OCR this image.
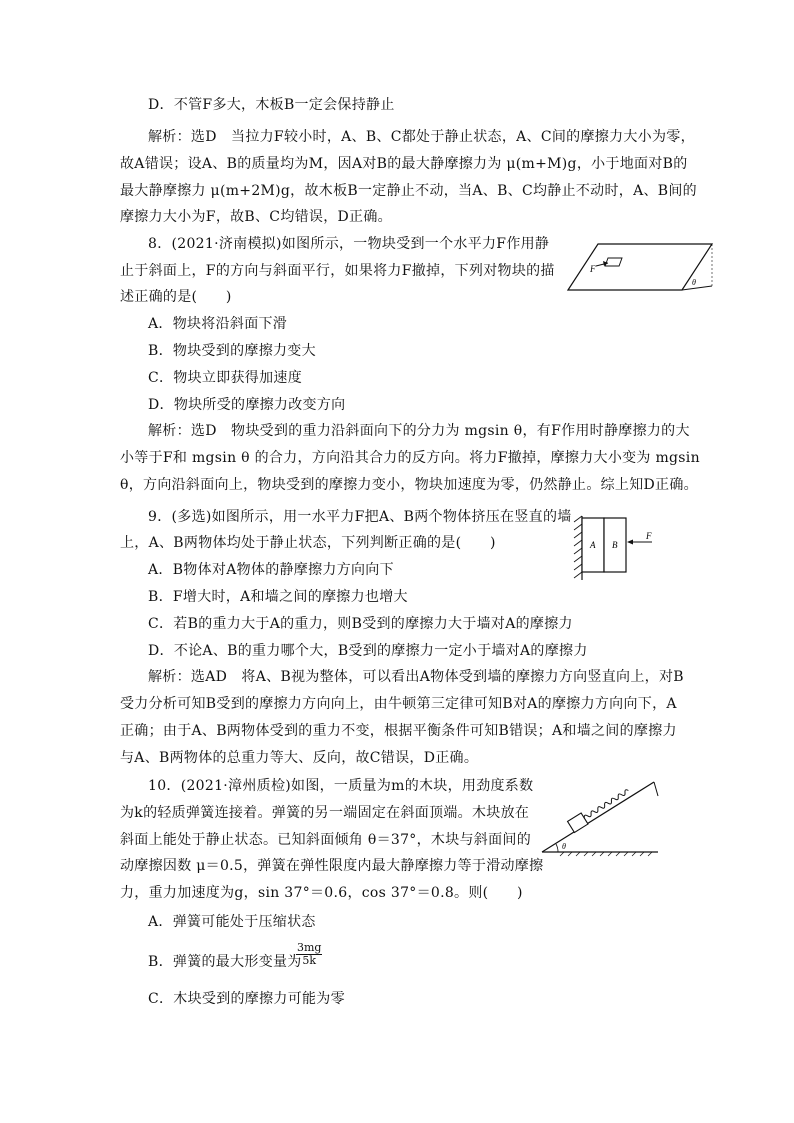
D．不管F多大，木板B一定会保持静止
解析：选D　当拉力F较小时，A、B、C都处于静止状态，A、C间的摩擦力大小为零，
故A错误；设A、B的质量均为M，因A对B的最大静摩擦力为 μ(m+M)g，小于地面对B的
最大静摩擦力 μ(m+2M)g，故木板B一定静止不动，当A、B、C均静止不动时，A、B间的
摩擦力大小为F，故B、C均错误，D正确。
8．(2021·济南模拟)如图所示，一物块受到一个水平力F作用静
止于斜面上，F的方向与斜面平行，如果将力F撤掉，下列对物块的描
述正确的是(　　)
A．物块将沿斜面下滑
B．物块受到的摩擦力变大
C．物块立即获得加速度
D．物块所受的摩擦力改变方向
解析：选D　物块受到的重力沿斜面向下的分力为 mgsin θ，有F作用时静摩擦力的大
小等于F和 mgsin θ 的合力，方向沿其合力的反方向。将力F撤掉，摩擦力大小变为 mgsin
θ，方向沿斜面向上，物块受到的摩擦力变小，物块加速度为零，仍然静止。综上知D正确。
9．(多选)如图所示，用一水平力F把A、B两个物体挤压在竖直的墙
上，A、B两物体均处于静止状态，下列判断正确的是(　　)
A．B物体对A物体的静摩擦力方向向下
B．F增大时，A和墙之间的摩擦力也增大
C．若B的重力大于A的重力，则B受到的摩擦力大于墙对A的摩擦力
D．不论A、B的重力哪个大，B受到的摩擦力一定小于墙对A的摩擦力
解析：选AD　将A、B视为整体，可以看出A物体受到墙的摩擦力方向竖直向上，对B
受力分析可知B受到的摩擦力方向向上，由牛顿第三定律可知B对A的摩擦力方向向下，A
正确；由于A、B两物体受到的重力不变，根据平衡条件可知B错误；A和墙之间的摩擦力
与A、B两物体的总重力等大、反向，故C错误，D正确。
10．(2021·漳州质检)如图，一质量为m的木块，用劲度系数
为k的轻质弹簧连接着。弹簧的另一端固定在斜面顶端。木块放在
斜面上能处于静止状态。已知斜面倾角 θ＝37°，木块与斜面间的
动摩擦因数 μ＝0.5，弹簧在弹性限度内最大静摩擦力等于滑动摩擦
力，重力加速度为g，sin 37°＝0.6，cos 37°＝0.8。则(　　)
A．弹簧可能处于压缩状态
B．弹簧的最大形变量为
$\frac{3mg}{5k}$
C．木块受到的摩擦力可能为零
F
θ
A B
F
θ
